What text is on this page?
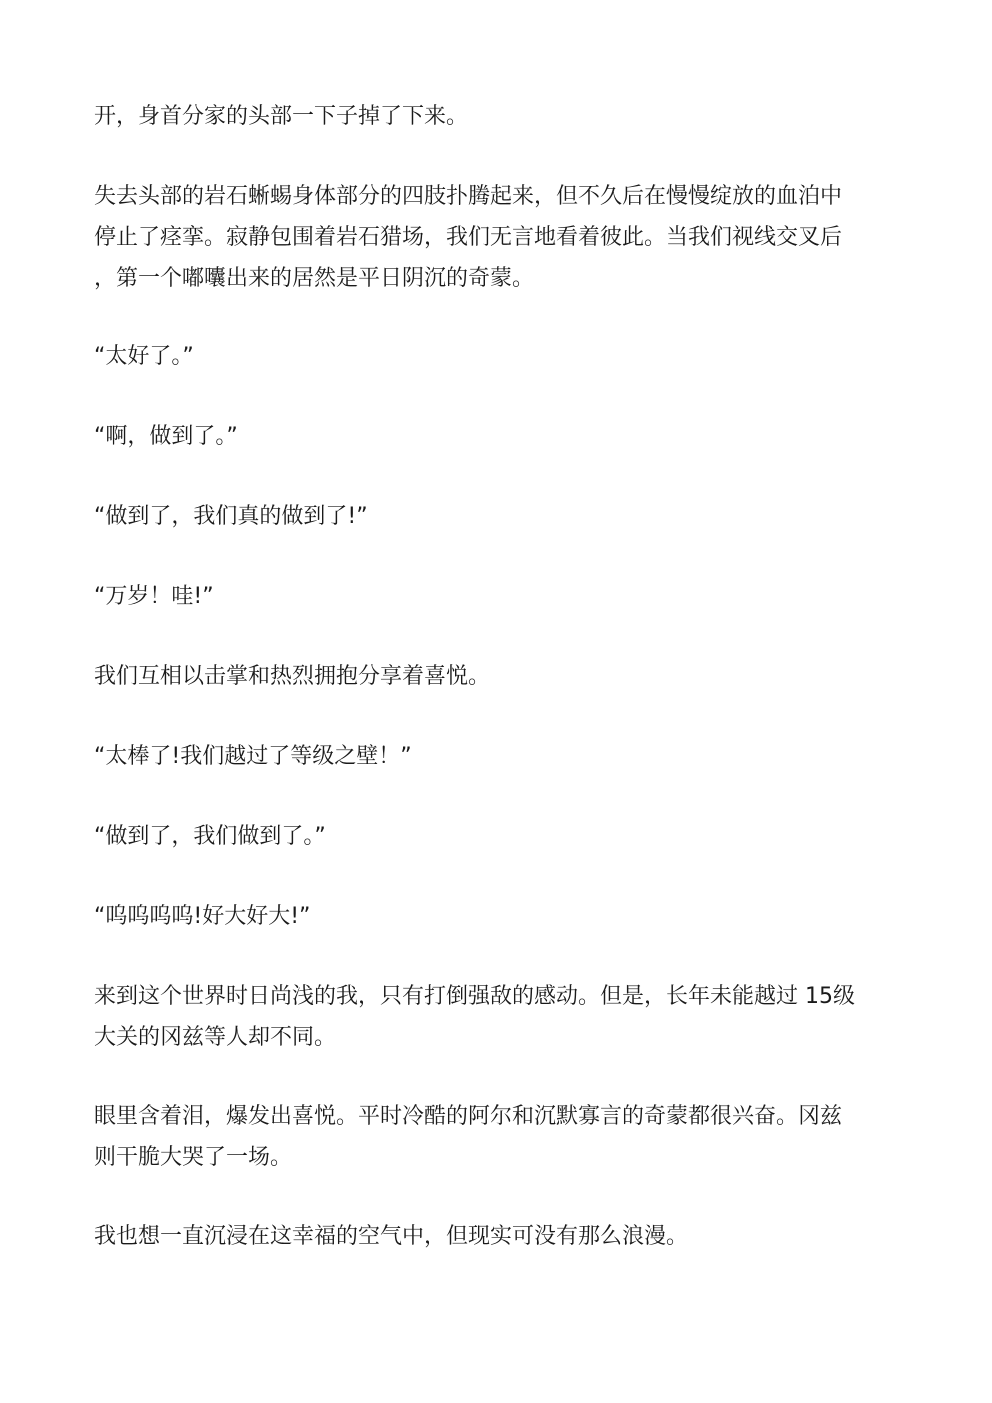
开，身首分家的头部一下子掉了下来。

失去头部的岩石蜥蜴身体部分的四肢扑腾起来，但不久后在慢慢绽放的血泊中
停止了痉挛。寂静包围着岩石猎场，我们无言地看着彼此。当我们视线交叉后
，第一个嘟囔出来的居然是平日阴沉的奇蒙。

“太好了。”

“啊，做到了。”

“做到了，我们真的做到了!”

“万岁！哇!”

我们互相以击掌和热烈拥抱分享着喜悦。

“太棒了!我们越过了等级之壁！”

“做到了，我们做到了。”

“呜呜呜呜!好大好大!”

来到这个世界时日尚浅的我，只有打倒强敌的感动。但是，长年未能越过 15级
大关的冈兹等人却不同。

眼里含着泪，爆发出喜悦。平时冷酷的阿尔和沉默寡言的奇蒙都很兴奋。冈兹
则干脆大哭了一场。

我也想一直沉浸在这幸福的空气中，但现实可没有那么浪漫。
